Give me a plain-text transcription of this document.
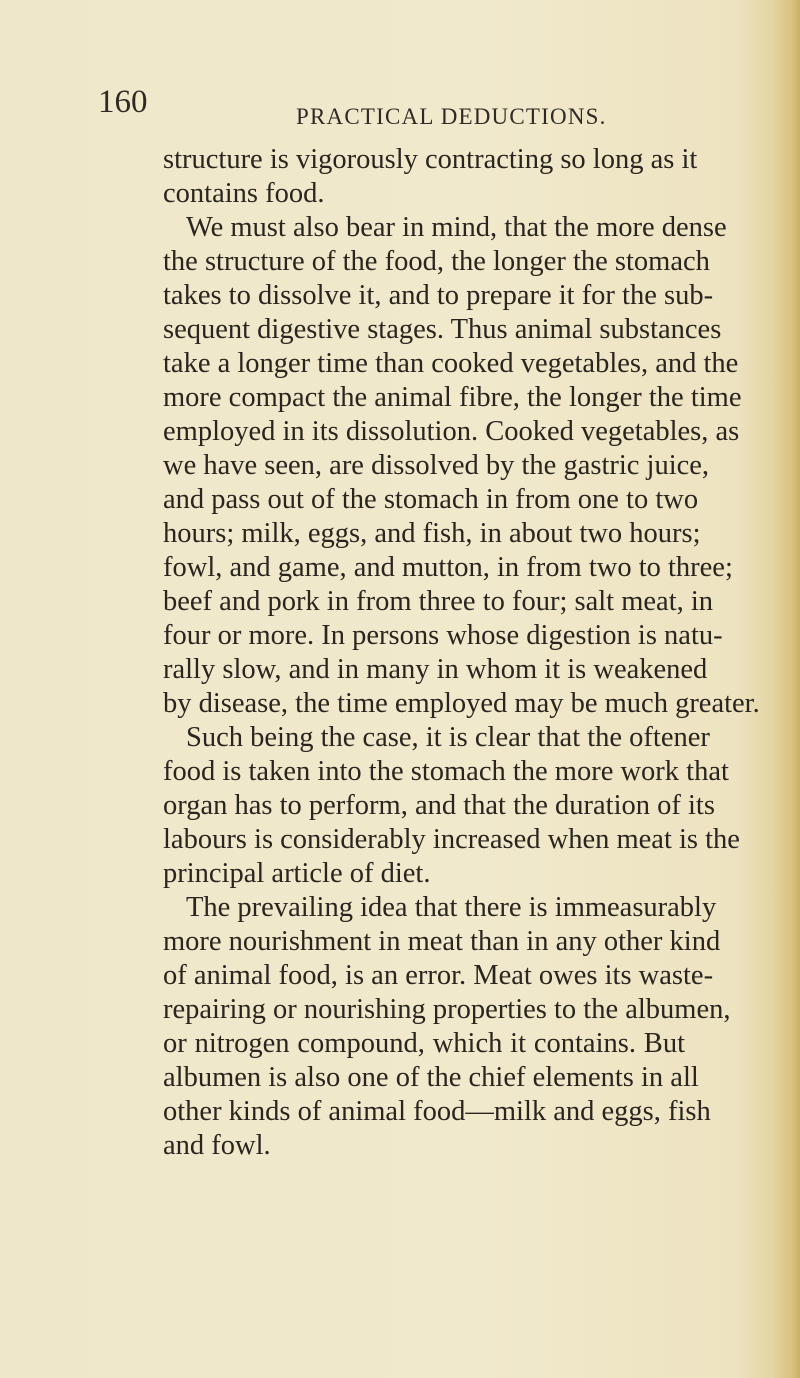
160	PRACTICAL DEDUCTIONS.
structure is vigorously contracting so long as it
contains food.
We must also bear in mind, that the more dense
the structure of the food, the longer the stomach
takes to dissolve it, and to prepare it for the sub-
sequent digestive stages. Thus animal substances
take a longer time than cooked vegetables, and the
more compact the animal fibre, the longer the time
employed in its dissolution. Cooked vegetables, as
we have seen, are dissolved by the gastric juice,
and pass out of the stomach in from one to two
hours; milk, eggs, and fish, in about two hours;
fowl, and game, and mutton, in from two to three;
beef and pork in from three to four; salt meat, in
four or more. In persons whose digestion is natu-
rally slow, and in many in whom it is weakened
by disease, the time employed may be much greater.
Such being the case, it is clear that the oftener
food is taken into the stomach the more work that
organ has to perform, and that the duration of its
labours is considerably increased when meat is the
principal article of diet.
The prevailing idea that there is immeasurably
more nourishment in meat than in any other kind
of animal food, is an error. Meat owes its waste-
repairing or nourishing properties to the albumen,
or nitrogen compound, which it contains. But
albumen is also one of the chief elements in all
other kinds of animal food—milk and eggs, fish
and fowl.
